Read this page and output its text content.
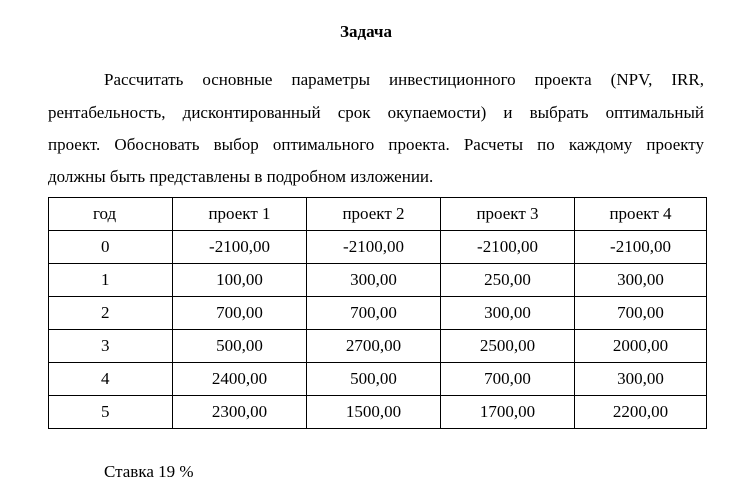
Задача
Рассчитать основные параметры инвестиционного проекта (NPV, IRR,
рентабельность, дисконтированный срок окупаемости) и выбрать оптимальный
проект. Обосновать выбор оптимального проекта. Расчеты по каждому проекту
должны быть представлены в подробном изложении.
год	проект 1	проект 2	проект 3	проект 4
0	-2100,00	-2100,00	-2100,00	-2100,00
1	100,00	300,00	250,00	300,00
2	700,00	700,00	300,00	700,00
3	500,00	2700,00	2500,00	2000,00
4	2400,00	500,00	700,00	300,00
5	2300,00	1500,00	1700,00	2200,00
Ставка 19 %
